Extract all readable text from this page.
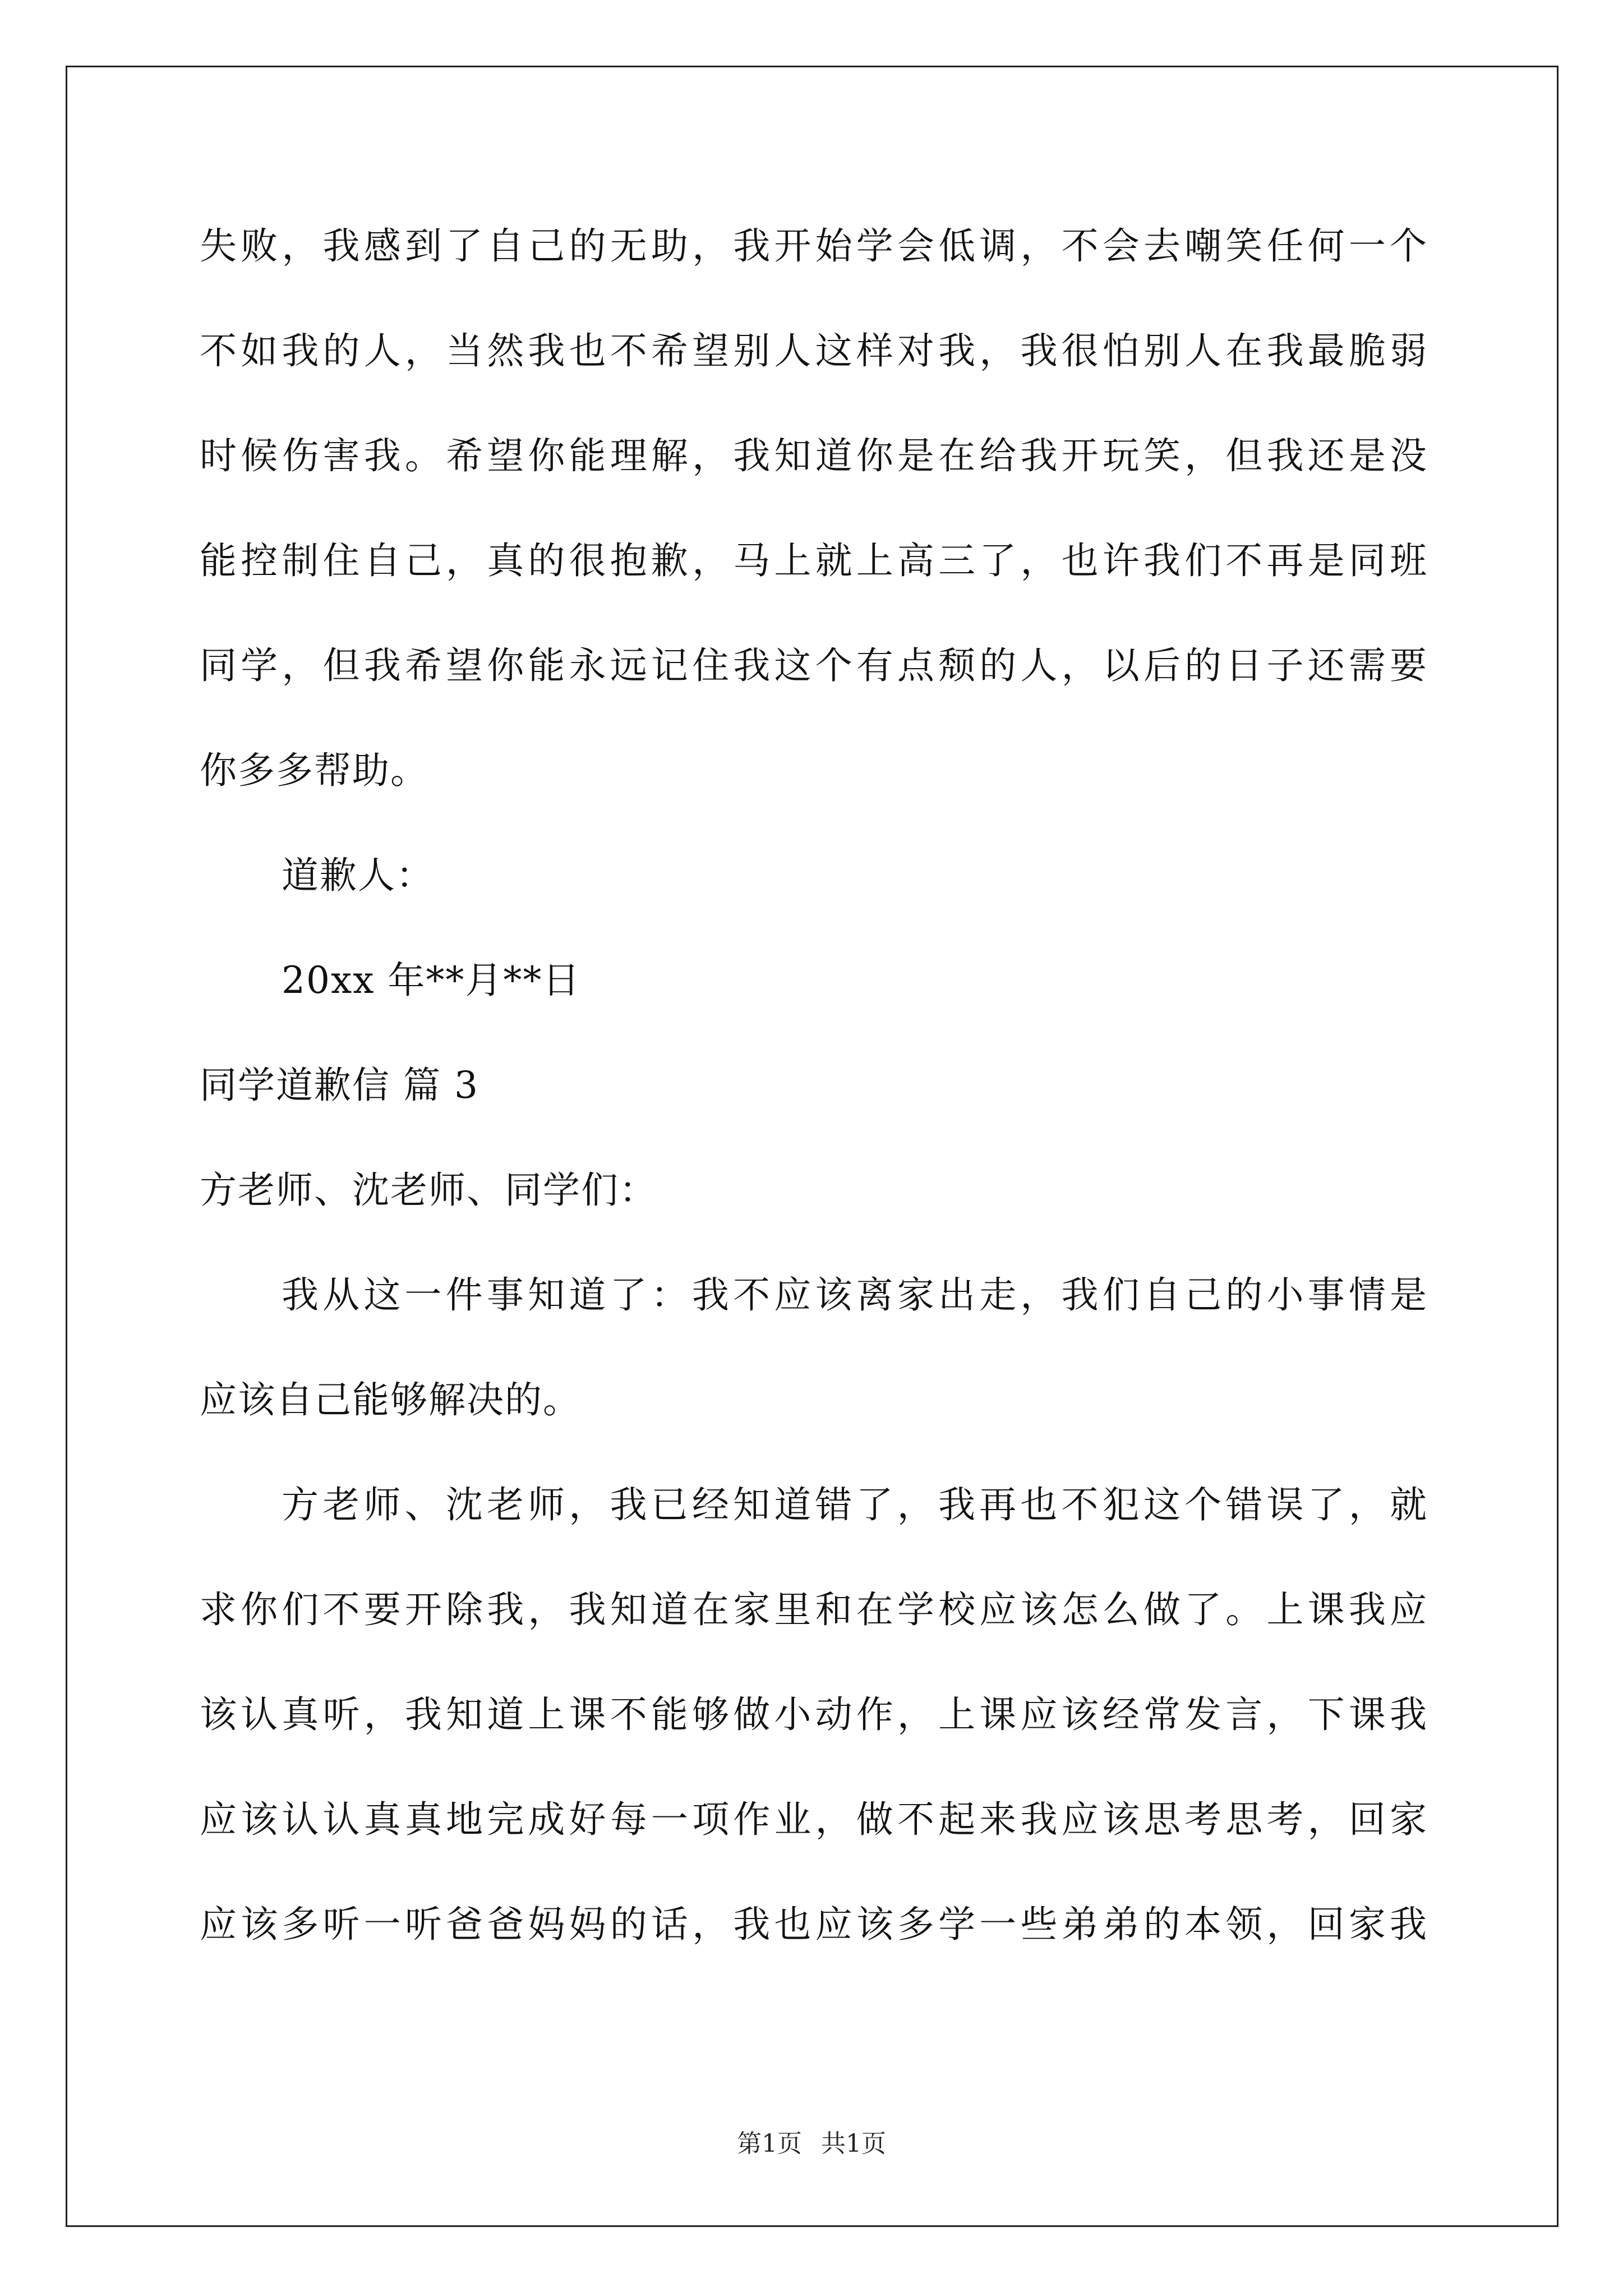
失败，我感到了自己的无助，我开始学会低调，不会去嘲笑任何一个
不如我的人，当然我也不希望别人这样对我，我很怕别人在我最脆弱
时候伤害我。希望你能理解，我知道你是在给我开玩笑，但我还是没
能控制住自己，真的很抱歉，马上就上高三了，也许我们不再是同班
同学，但我希望你能永远记住我这个有点颓的人，以后的日子还需要
你多多帮助。
道歉人：
20xx 年**月**日
同学道歉信 篇 3
方老师、沈老师、同学们：
我从这一件事知道了：我不应该离家出走，我们自己的小事情是
应该自己能够解决的。
方老师、沈老师，我已经知道错了，我再也不犯这个错误了，就
求你们不要开除我，我知道在家里和在学校应该怎么做了。上课我应
该认真听，我知道上课不能够做小动作，上课应该经常发言，下课我
应该认认真真地完成好每一项作业，做不起来我应该思考思考，回家
应该多听一听爸爸妈妈的话，我也应该多学一些弟弟的本领，回家我
第1页 共1页
